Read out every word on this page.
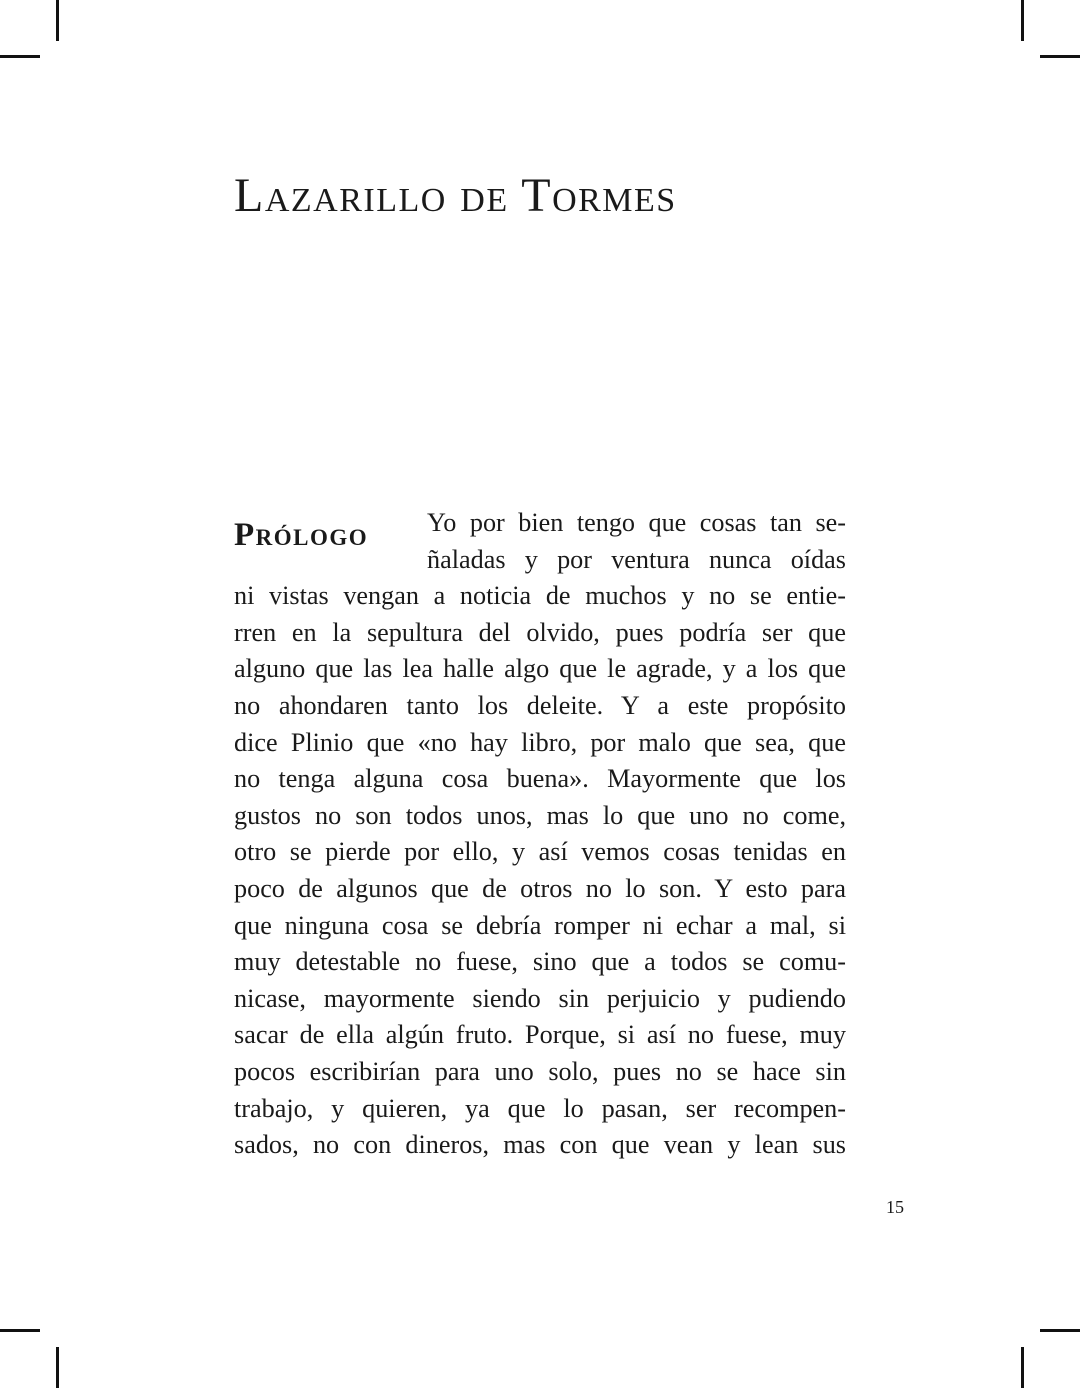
Lazarillo de Tormes
Prólogo Yo por bien tengo que cosas tan se-
ñaladas y por ventura nunca oídas
ni vistas vengan a noticia de muchos y no se entie-
rren en la sepultura del olvido, pues podría ser que
alguno que las lea halle algo que le agrade, y a los que
no ahondaren tanto los deleite. Y a este propósito
dice Plinio que «no hay libro, por malo que sea, que
no tenga alguna cosa buena». Mayormente que los
gustos no son todos unos, mas lo que uno no come,
otro se pierde por ello, y así vemos cosas tenidas en
poco de algunos que de otros no lo son. Y esto para
que ninguna cosa se debría romper ni echar a mal, si
muy detestable no fuese, sino que a todos se comu-
nicase, mayormente siendo sin perjuicio y pudiendo
sacar de ella algún fruto. Porque, si así no fuese, muy
pocos escribirían para uno solo, pues no se hace sin
trabajo, y quieren, ya que lo pasan, ser recompen-
sados, no con dineros, mas con que vean y lean sus
15
